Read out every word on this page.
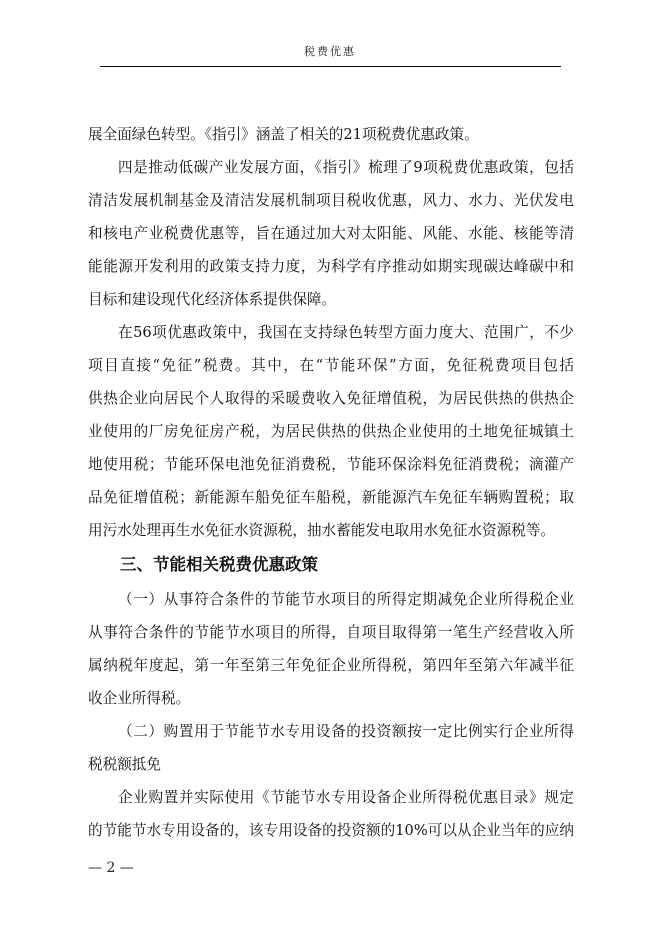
税费优惠
展全面绿色转型。《指引》涵盖了相关的21项税费优惠政策。
四是推动低碳产业发展方面，《指引》梳理了9项税费优惠政策，包括
清洁发展机制基金及清洁发展机制项目税收优惠，风力、水力、光伏发电
和核电产业税费优惠等，旨在通过加大对太阳能、风能、水能、核能等清
能能源开发利用的政策支持力度，为科学有序推动如期实现碳达峰碳中和
目标和建设现代化经济体系提供保障。
在56项优惠政策中，我国在支持绿色转型方面力度大、范围广，不少
项目直接“免征”税费。其中，在“节能环保”方面，免征税费项目包括
供热企业向居民个人取得的采暖费收入免征增值税，为居民供热的供热企
业使用的厂房免征房产税，为居民供热的供热企业使用的土地免征城镇土
地使用税；节能环保电池免征消费税，节能环保涂料免征消费税；滴灌产
品免征增值税；新能源车船免征车船税，新能源汽车免征车辆购置税；取
用污水处理再生水免征水资源税，抽水蓄能发电取用水免征水资源税等。
三、节能相关税费优惠政策
（一）从事符合条件的节能节水项目的所得定期减免企业所得税企业
从事符合条件的节能节水项目的所得，自项目取得第一笔生产经营收入所
属纳税年度起，第一年至第三年免征企业所得税，第四年至第六年减半征
收企业所得税。
（二）购置用于节能节水专用设备的投资额按一定比例实行企业所得
税税额抵免
企业购置并实际使用《节能节水专用设备企业所得税优惠目录》规定
的节能节水专用设备的，该专用设备的投资额的10%可以从企业当年的应纳
— 2 —
